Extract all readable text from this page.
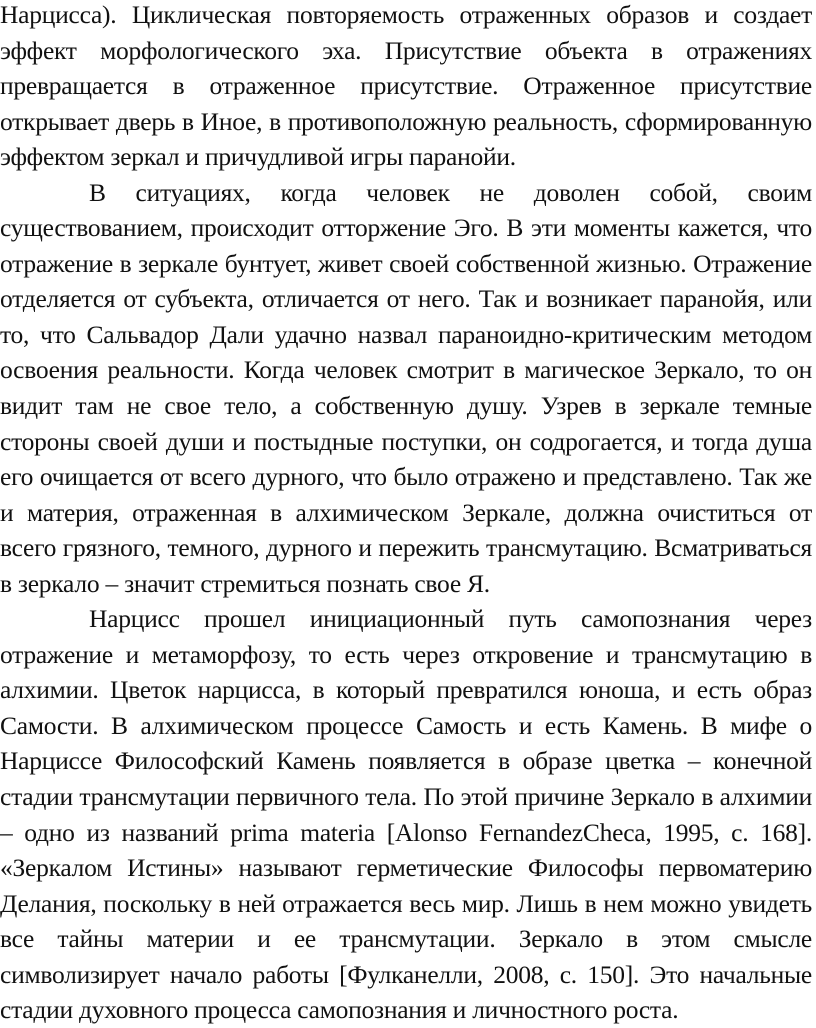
Нарцисса). Циклическая повторяемость отраженных образов и создает эффект морфологического эха. Присутствие объекта в отражениях превращается в отраженное присутствие. Отраженное присутствие открывает дверь в Иное, в противоположную реальность, сформированную эффектом зеркал и причудливой игры паранойи.

В ситуациях, когда человек не доволен собой, своим существованием, происходит отторжение Эго. В эти моменты кажется, что отражение в зеркале бунтует, живет своей собственной жизнью. Отражение отделяется от субъекта, отличается от него. Так и возникает паранойя, или то, что Сальвадор Дали удачно назвал параноидно-критическим методом освоения реальности. Когда человек смотрит в магическое Зеркало, то он видит там не свое тело, а собственную душу. Узрев в зеркале темные стороны своей души и постыдные поступки, он содрогается, и тогда душа его очищается от всего дурного, что было отражено и представлено. Так же и материя, отраженная в алхимическом Зеркале, должна очиститься от всего грязного, темного, дурного и пережить трансмутацию. Всматриваться в зеркало – значит стремиться познать свое Я.

Нарцисс прошел инициационный путь самопознания через отражение и метаморфозу, то есть через откровение и трансмутацию в алхимии. Цветок нарцисса, в который превратился юноша, и есть образ Самости. В алхимическом процессе Самость и есть Камень. В мифе о Нарциссе Философский Камень появляется в образе цветка – конечной стадии трансмутации первичного тела. По этой причине Зеркало в алхимии – одно из названий prima materia [Alonso FernandezCheca, 1995, с. 168]. «Зеркалом Истины» называют герметические Философы первоматерию Делания, поскольку в ней отражается весь мир. Лишь в нем можно увидеть все тайны материи и ее трансмутации. Зеркало в этом смысле символизирует начало работы [Фулканелли, 2008, с. 150]. Это начальные стадии духовного процесса самопознания и личностного роста.
